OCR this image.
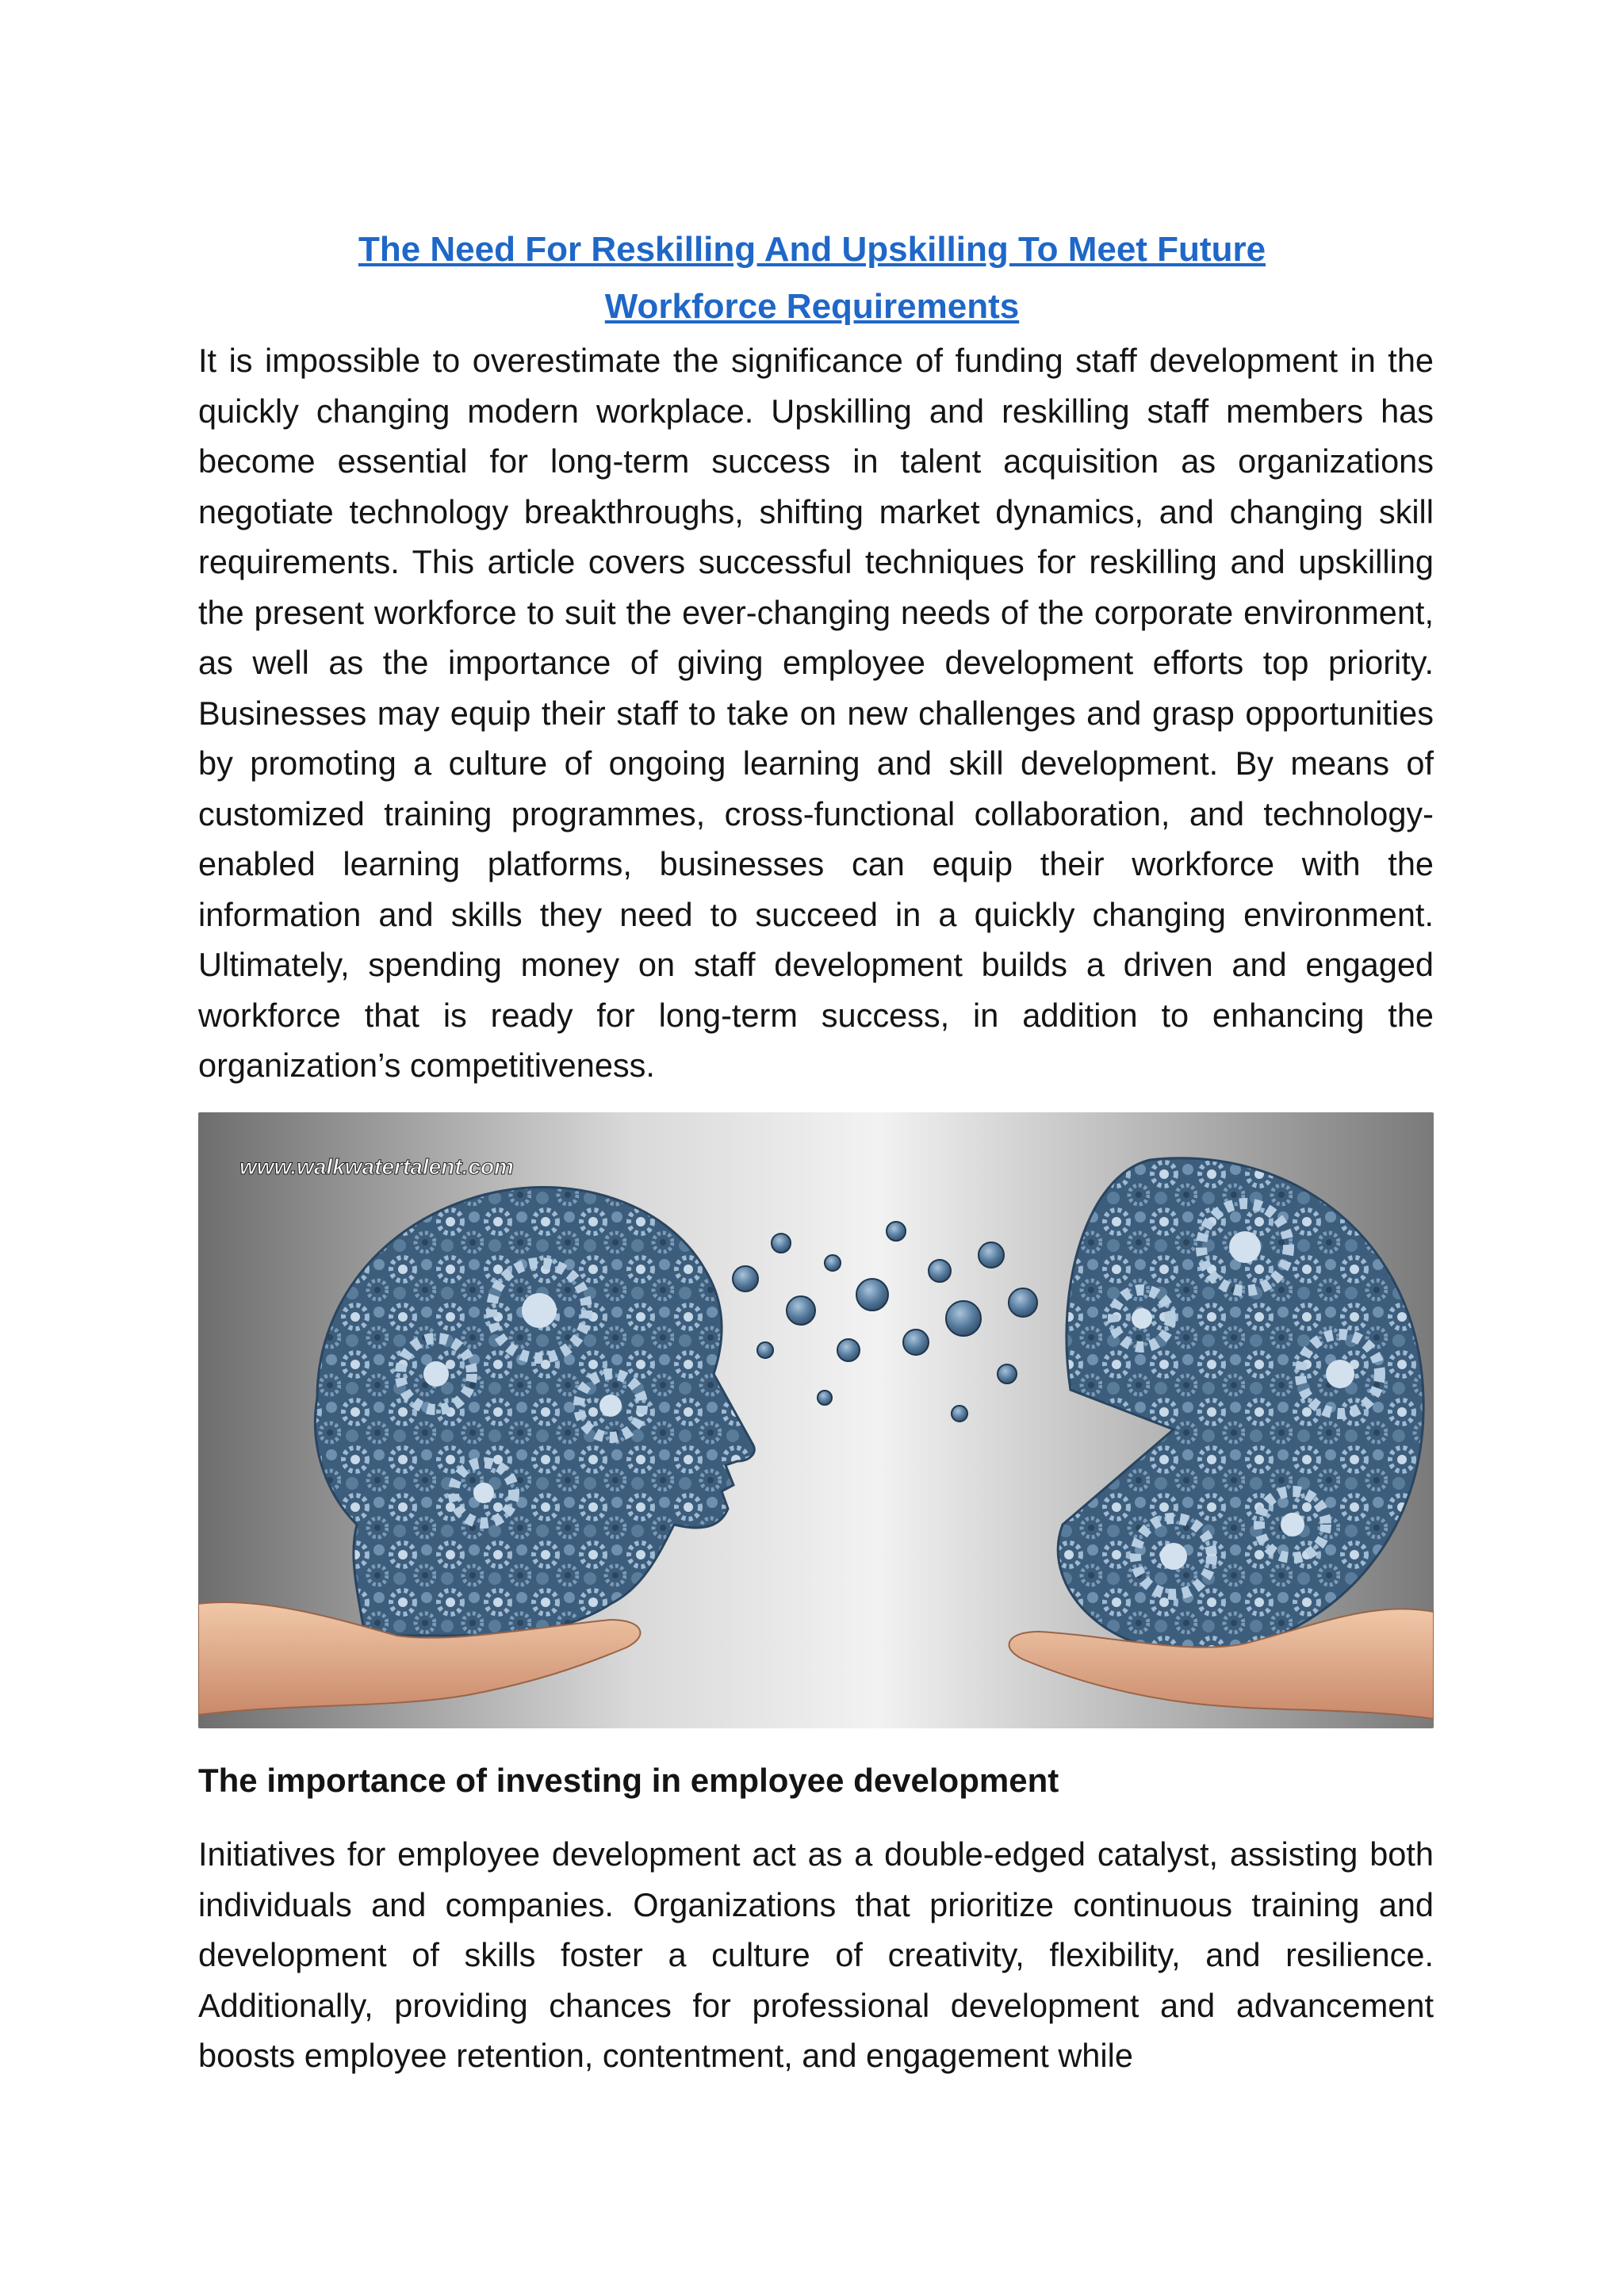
The Need For Reskilling And Upskilling To Meet Future
Workforce Requirements

It is impossible to overestimate the significance of funding staff development in the quickly changing modern workplace. Upskilling and reskilling staff members has become essential for long-term success in talent acquisition as organizations negotiate technology breakthroughs, shifting market dynamics, and changing skill requirements. This article covers successful techniques for reskilling and upskilling the present workforce to suit the ever-changing needs of the corporate environment, as well as the importance of giving employee development efforts top priority. Businesses may equip their staff to take on new challenges and grasp opportunities by promoting a culture of ongoing learning and skill development. By means of customized training programmes, cross-functional collaboration, and technology-enabled learning platforms, businesses can equip their workforce with the information and skills they need to succeed in a quickly changing environment. Ultimately, spending money on staff development builds a driven and engaged workforce that is ready for long-term success, in addition to enhancing the organization’s competitiveness.

www.walkwatertalent.com
The importance of investing in employee development

Initiatives for employee development act as a double-edged catalyst, assisting both individuals and companies. Organizations that prioritize continuous training and development of skills foster a culture of creativity, flexibility, and resilience. Additionally, providing chances for professional development and advancement boosts employee retention, contentment, and engagement while
